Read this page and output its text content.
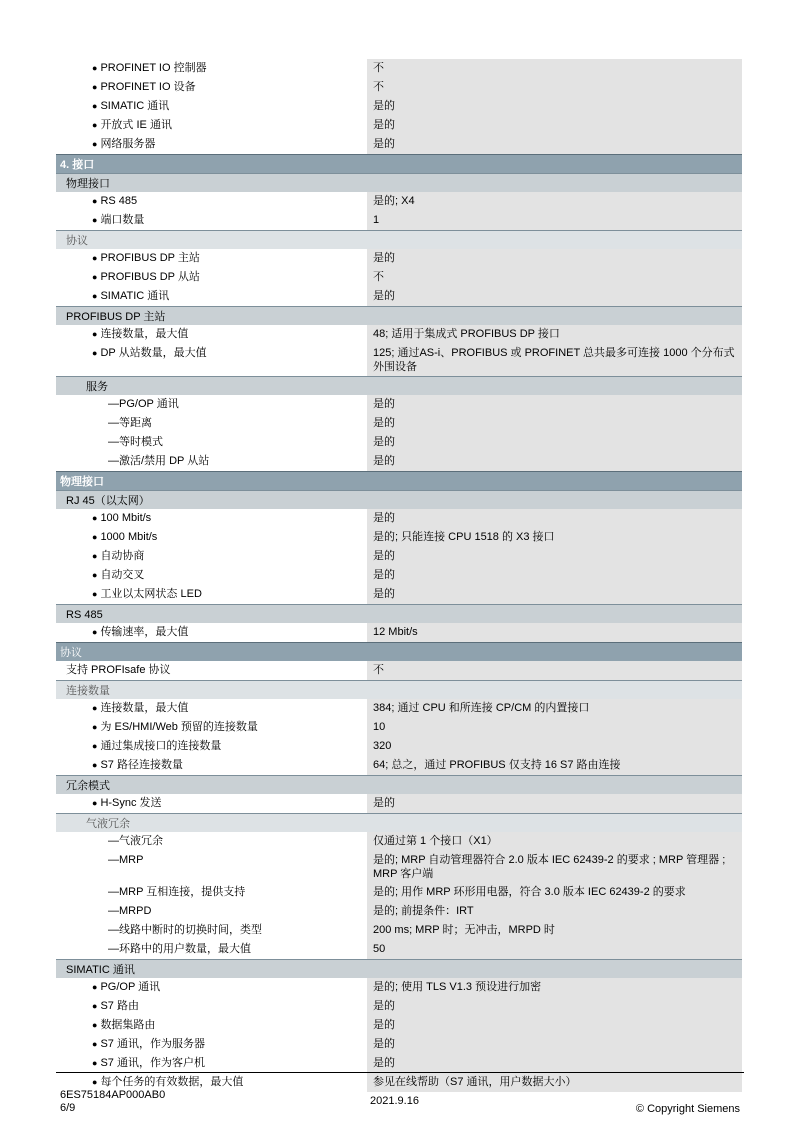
● PROFINET IO 控制器	不
● PROFINET IO 设备	不
● SIMATIC 通讯	是的
● 开放式 IE 通讯	是的
● 网络服务器	是的
4. 接口
物理接口
● RS 485	是的; X4
● 端口数量	1
协议
● PROFIBUS DP 主站	是的
● PROFIBUS DP 从站	不
● SIMATIC 通讯	是的
PROFIBUS DP 主站
● 连接数量，最大值	48; 适用于集成式 PROFIBUS DP 接口
● DP 从站数量，最大值	125; 通过AS-i、PROFIBUS 或 PROFINET 总共最多可连接 1000 个分布式外围设备
服务
— PG/OP 通讯	是的
— 等距离	是的
— 等时模式	是的
— 激活/禁用 DP 从站	是的
物理接口
RJ 45（以太网）
● 100 Mbit/s	是的
● 1000 Mbit/s	是的; 只能连接 CPU 1518 的 X3 接口
● 自动协商	是的
● 自动交叉	是的
● 工业以太网状态 LED	是的
RS 485
● 传输速率，最大值	12 Mbit/s
协议
支持 PROFIsafe 协议	不
连接数量
● 连接数量，最大值	384; 通过 CPU 和所连接 CP/CM 的内置接口
● 为 ES/HMI/Web 预留的连接数量	10
● 通过集成接口的连接数量	320
● S7 路径连接数量	64; 总之，通过 PROFIBUS 仅支持 16 S7 路由连接
冗余模式
● H-Sync 发送	是的
气液冗余
— 气液冗余	仅通过第 1 个接口（X1）
— MRP	是的; MRP 自动管理器符合 2.0 版本 IEC 62439-2 的要求 ; MRP 管理器 ; MRP 客户端
— MRP 互相连接，提供支持	是的; 用作 MRP 环形用电器，符合 3.0 版本 IEC 62439-2 的要求
— MRPD	是的; 前提条件：IRT
— 线路中断时的切换时间，类型	200 ms; MRP 时；无冲击，MRPD 时
— 环路中的用户数量，最大值	50
SIMATIC 通讯
● PG/OP 通讯	是的; 使用 TLS V1.3 预设进行加密
● S7 路由	是的
● 数据集路由	是的
● S7 通讯，作为服务器	是的
● S7 通讯，作为客户机	是的
● 每个任务的有效数据，最大值	参见在线帮助（S7 通讯，用户数据大小）
6ES75184AP000AB0
6/9
2021.9.16
© Copyright Siemens
